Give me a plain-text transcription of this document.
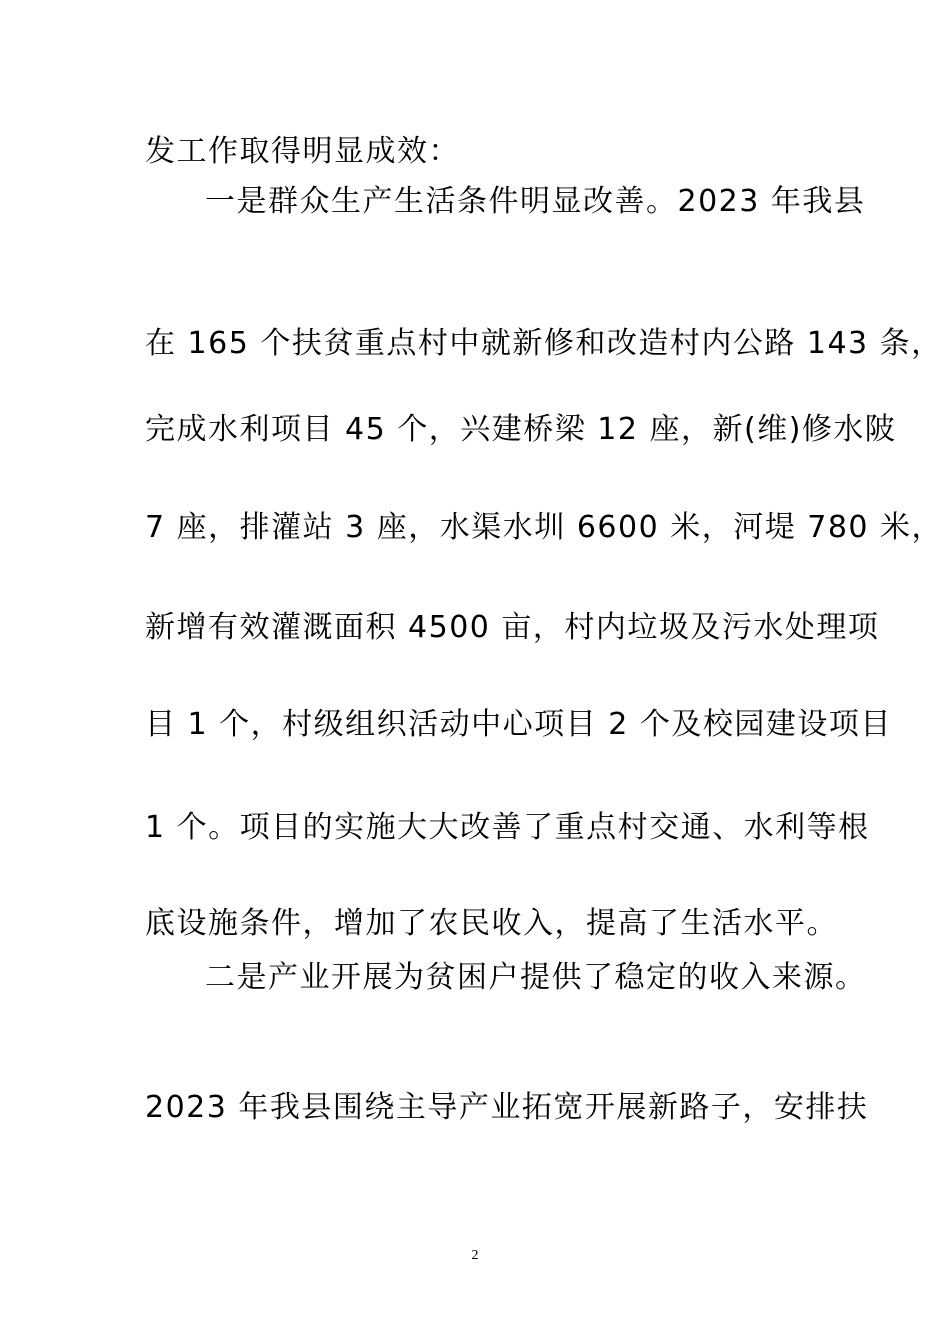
发工作取得明显成效：
一是群众生产生活条件明显改善。2023 年我县
在 165 个扶贫重点村中就新修和改造村内公路 143 条，
完成水利项目 45 个，兴建桥梁 12 座，新(维)修水陂
7 座，排灌站 3 座，水渠水圳 6600 米，河堤 780 米，
新增有效灌溉面积 4500 亩，村内垃圾及污水处理项
目 1 个，村级组织活动中心项目 2 个及校园建设项目
1 个。项目的实施大大改善了重点村交通、水利等根
底设施条件，增加了农民收入，提高了生活水平。
二是产业开展为贫困户提供了稳定的收入来源。
2023 年我县围绕主导产业拓宽开展新路子，安排扶
2
